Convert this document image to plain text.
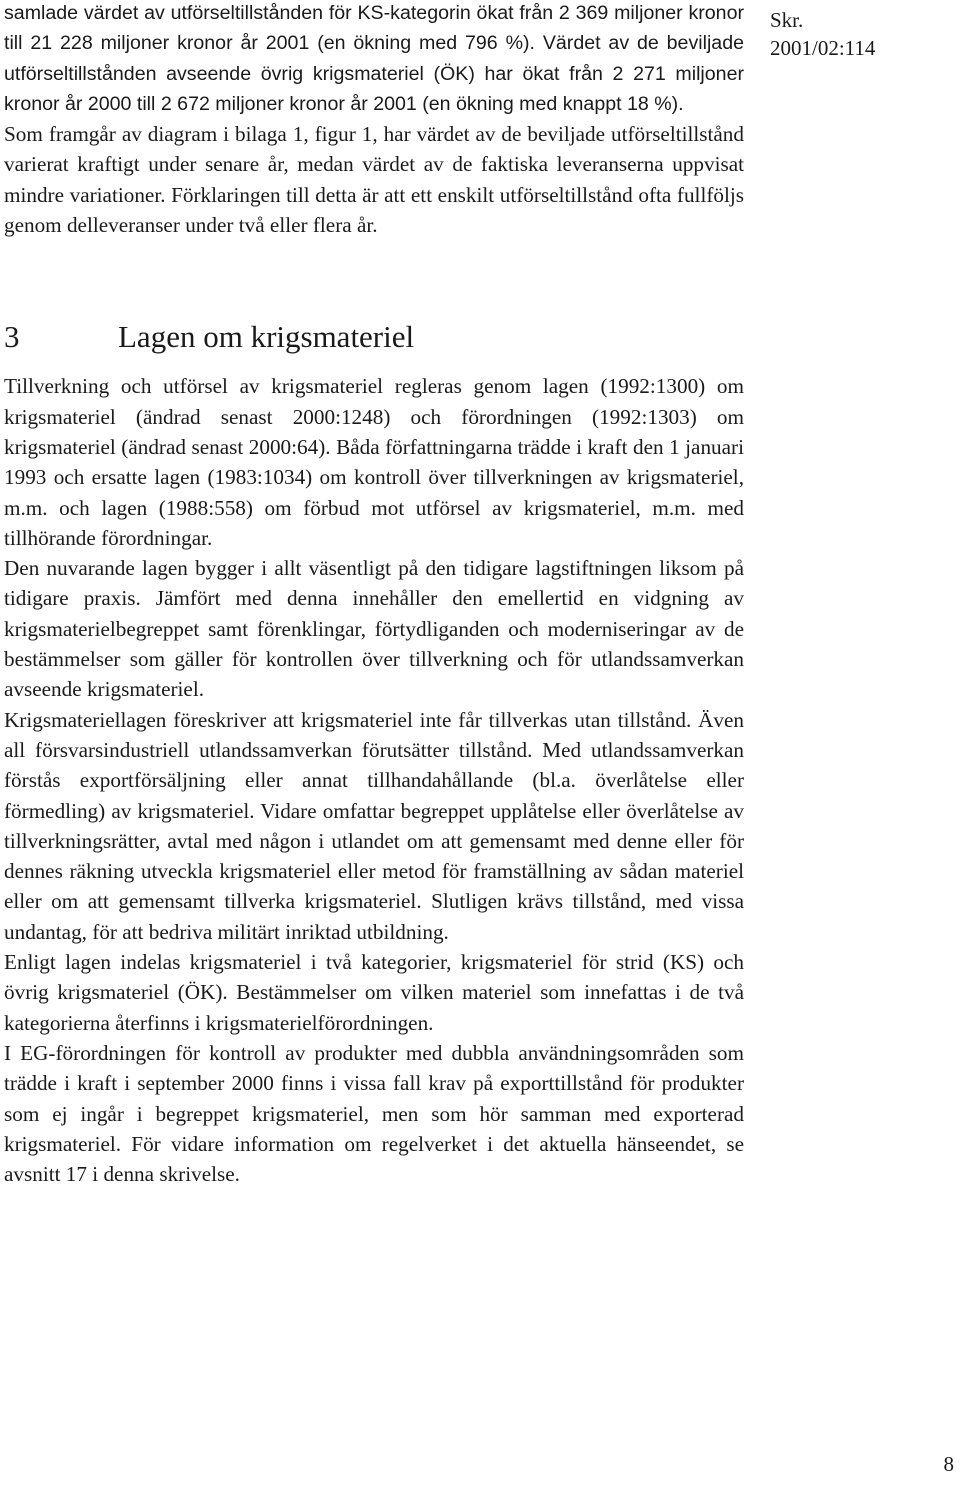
samlade värdet av utförseltillstånden för KS-kategorin ökat från 2 369 miljoner kronor till 21 228 miljoner kronor år 2001 (en ökning med 796 %). Värdet av de beviljade utförseltillstånden avseende övrig krigsmateriel (ÖK) har ökat från 2 271 miljoner kronor år 2000 till 2 672 miljoner kronor år 2001 (en ökning med knappt 18 %).

Som framgår av diagram i bilaga 1, figur 1, har värdet av de beviljade utförseltillstånd varierat kraftigt under senare år, medan värdet av de faktiska leveranserna uppvisat mindre variationer. Förklaringen till detta är att ett enskilt utförseltillstånd ofta fullföljs genom delleveranser under två eller flera år.

3	Lagen om krigsmateriel

Tillverkning och utförsel av krigsmateriel regleras genom lagen (1992:1300) om krigsmateriel (ändrad senast 2000:1248) och förordningen (1992:1303) om krigsmateriel (ändrad senast 2000:64). Båda författningarna trädde i kraft den 1 januari 1993 och ersatte lagen (1983:1034) om kontroll över tillverkningen av krigsmateriel, m.m. och lagen (1988:558) om förbud mot utförsel av krigsmateriel, m.m. med tillhörande förordningar.

Den nuvarande lagen bygger i allt väsentligt på den tidigare lagstiftningen liksom på tidigare praxis. Jämfört med denna innehåller den emellertid en vidgning av krigsmaterielbegreppet samt förenklingar, förtydliganden och moderniseringar av de bestämmelser som gäller för kontrollen över tillverkning och för utlandssamverkan avseende krigsmateriel.

Krigsmateriellagen föreskriver att krigsmateriel inte får tillverkas utan tillstånd. Även all försvarsindustriell utlandssamverkan förutsätter tillstånd. Med utlandssamverkan förstås exportförsäljning eller annat tillhandahållande (bl.a. överlåtelse eller förmedling) av krigsmateriel. Vidare omfattar begreppet upplåtelse eller överlåtelse av tillverkningsrätter, avtal med någon i utlandet om att gemensamt med denne eller för dennes räkning utveckla krigsmateriel eller metod för framställning av sådan materiel eller om att gemensamt tillverka krigsmateriel. Slutligen krävs tillstånd, med vissa undantag, för att bedriva militärt inriktad utbildning.

Enligt lagen indelas krigsmateriel i två kategorier, krigsmateriel för strid (KS) och övrig krigsmateriel (ÖK). Bestämmelser om vilken materiel som innefattas i de två kategorierna återfinns i krigsmaterielförordningen.

I EG-förordningen för kontroll av produkter med dubbla användningsområden som trädde i kraft i september 2000 finns i vissa fall krav på exporttillstånd för produkter som ej ingår i begreppet krigsmateriel, men som hör samman med exporterad krigsmateriel. För vidare information om regelverket i det aktuella hänseendet, se avsnitt 17 i denna skrivelse.

Skr.
2001/02:114
8
